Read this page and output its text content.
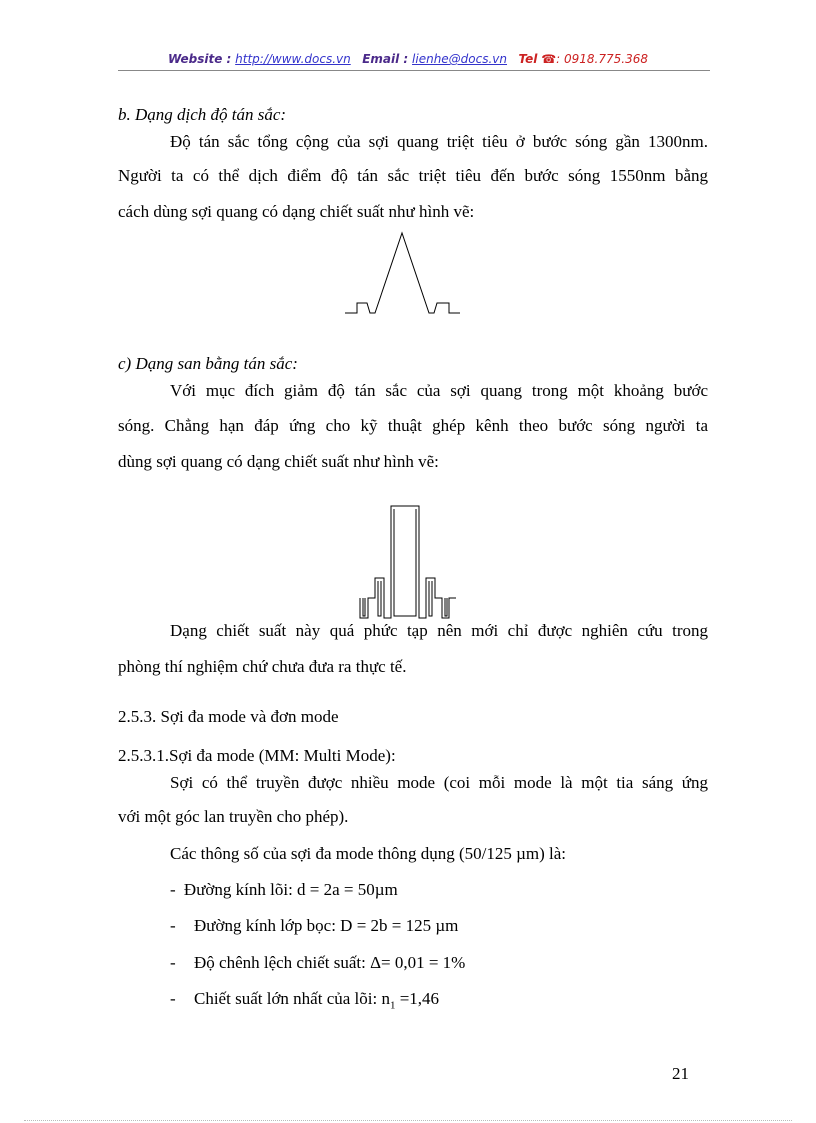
Website : http://www.docs.vn Email : lienhe@docs.vn Tel ☎: 0918.775.368
b. Dạng dịch độ tán sắc:
Độ tán sắc tổng cộng của sợi quang triệt tiêu ở bước sóng gần 1300nm.
Người ta có thể dịch điểm độ tán sắc triệt tiêu đến bước sóng 1550nm bằng
cách dùng sợi quang có dạng chiết suất như hình vẽ:
c) Dạng san bằng tán sắc:
Với mục đích giảm độ tán sắc của sợi quang trong một khoảng bước
sóng. Chẳng hạn đáp ứng cho kỹ thuật ghép kênh theo bước sóng người ta
dùng sợi quang có dạng chiết suất như hình vẽ:
Dạng chiết suất này quá phức tạp nên mới chỉ được nghiên cứu trong
phòng thí nghiệm chứ chưa đưa ra thực tế.
2.5.3. Sợi đa mode và đơn mode
2.5.3.1.Sợi đa mode (MM: Multi Mode):
Sợi có thể truyền được nhiều mode (coi mỗi mode là một tia sáng ứng
với một góc lan truyền cho phép).
Các thông số của sợi đa mode thông dụng (50/125 µm) là:
- Đường kính lõi: d = 2a = 50µm
- Đường kính lớp bọc: D = 2b = 125 µm
- Độ chênh lệch chiết suất: Δ= 0,01 = 1%
- Chiết suất lớn nhất của lõi: $n_1 =1,46$
21
